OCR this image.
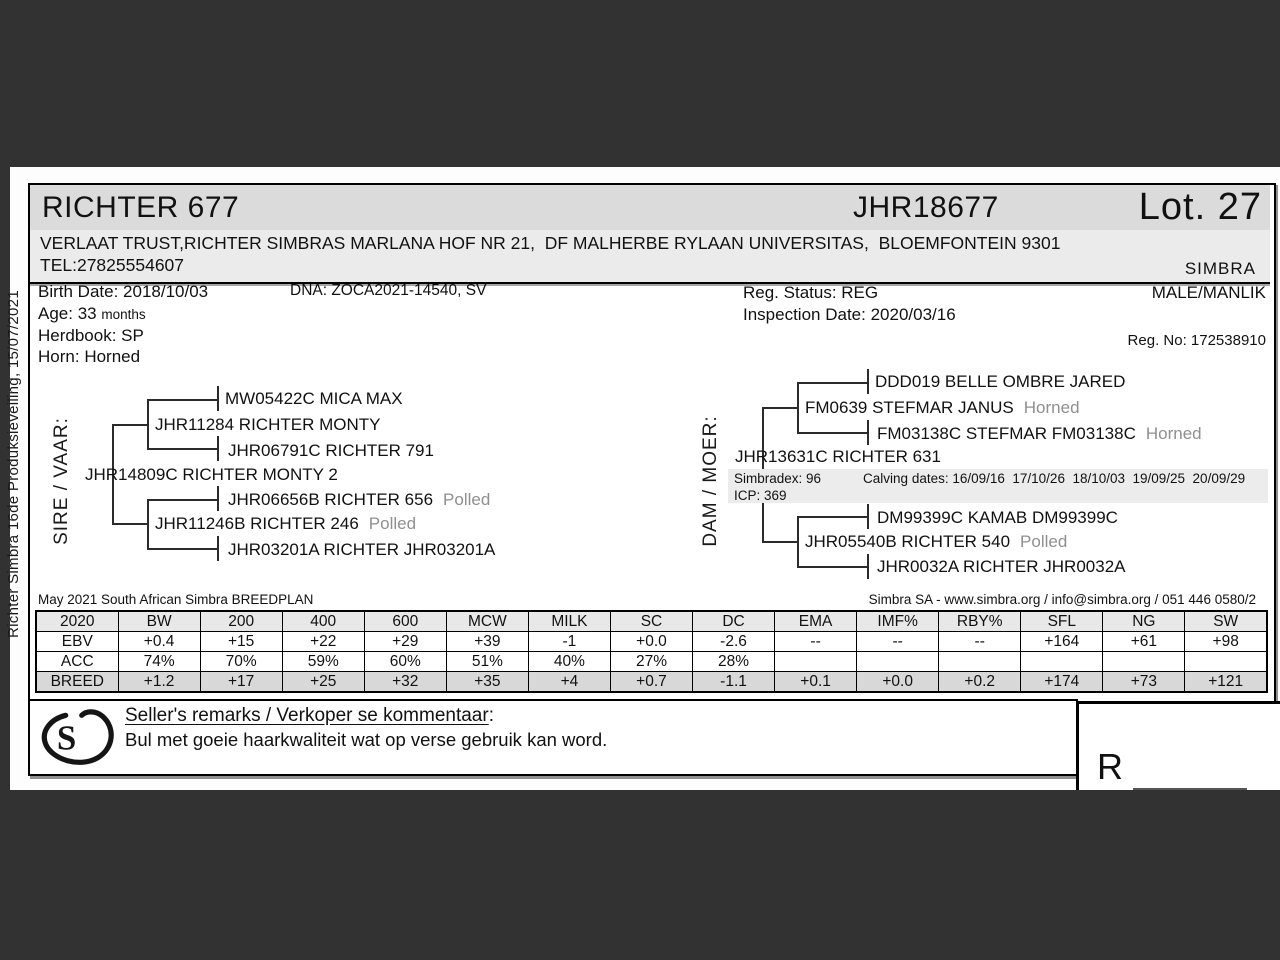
Richter Simbra 16de Produksieveiling, 15/07/2021
RICHTER 677	JHR18677	Lot. 27
VERLAAT TRUST,RICHTER SIMBRAS MARLANA HOF NR 21,  DF MALHERBE RYLAAN UNIVERSITAS,  BLOEMFONTEIN 9301
TEL:27825554607	SIMBRA
Birth Date: 2018/10/03	DNA: ZOCA2021-14540, SV
Age: 33 months
Herdbook: SP
Horn: Horned
Reg. Status: REG
Inspection Date: 2020/03/16
MALE/MANLIK
Reg. No: 172538910
SIRE / VAAR:
MW05422C MICA MAX
JHR11284 RICHTER MONTY
JHR06791C RICHTER 791
JHR14809C RICHTER MONTY 2
JHR06656B RICHTER 656 Polled
JHR11246B RICHTER 246 Polled
JHR03201A RICHTER JHR03201A
DAM / MOER: Simbradex: 96	Calving dates: 16/09/16  17/10/26  18/10/03  19/09/25  20/09/29
ICP: 369
DDD019 BELLE OMBRE JARED
FM0639 STEFMAR JANUS Horned
FM03138C STEFMAR FM03138C Horned
JHR13631C RICHTER 631
DM99399C KAMAB DM99399C
JHR05540B RICHTER 540 Polled
JHR0032A RICHTER JHR0032A
May 2021 South African Simbra BREEDPLAN	Simbra SA - www.simbra.org / info@simbra.org / 051 446 0580/2
2020	BW	200	400	600	MCW	MILK	SC	DC	EMA	IMF%	RBY%	SFL	NG	SW
EBV	+0.4	+15	+22	+29	+39	-1	+0.0	-2.6	--	--	--	+164	+61	+98
ACC	74%	70%	59%	60%	51%	40%	27%	28%						
BREED	+1.2	+17	+25	+32	+35	+4	+0.7	-1.1	+0.1	+0.0	+0.2	+174	+73	+121
S
Seller's remarks / Verkoper se kommentaar:
Bul met goeie haarkwaliteit wat op verse gebruik kan word.
R
